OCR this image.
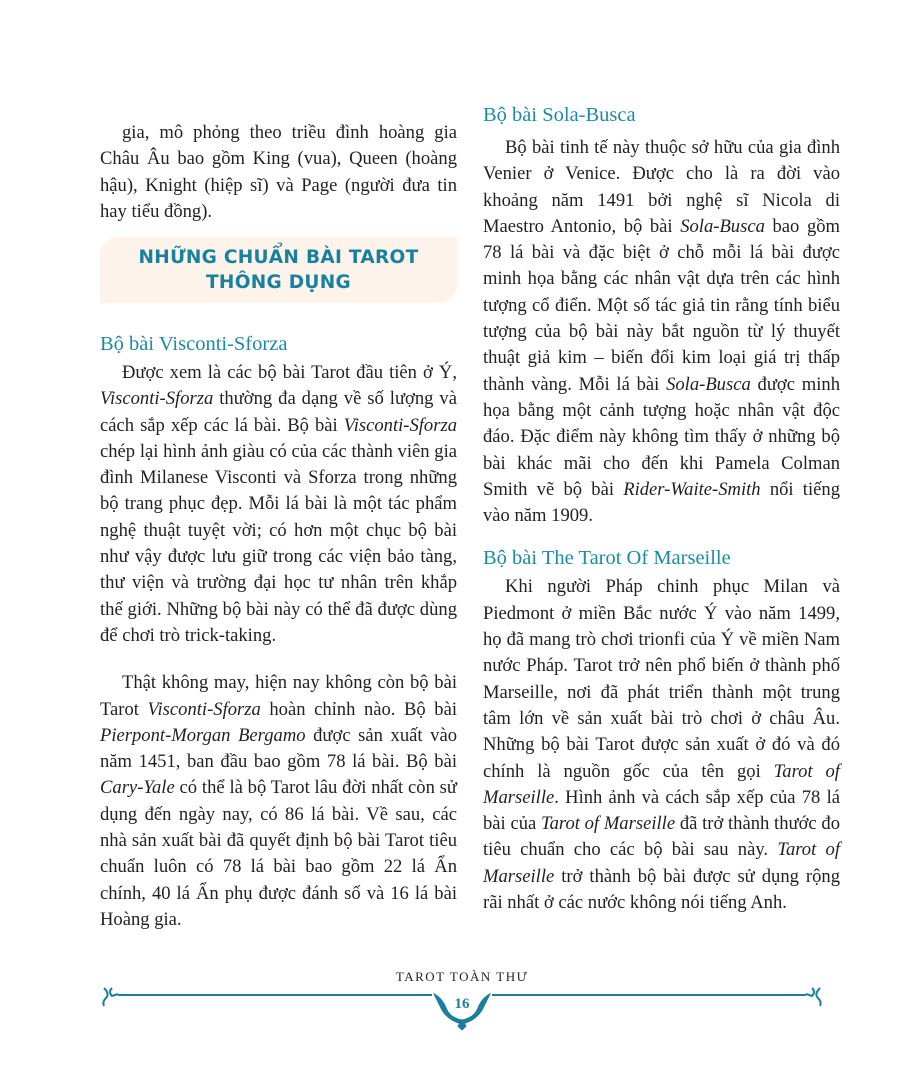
gia, mô phỏng theo triều đình hoàng gia Châu Âu bao gồm King (vua), Queen (hoàng hậu), Knight (hiệp sĩ) và Page (người đưa tin hay tiểu đồng).

NHỮNG CHUẨN BÀI TAROT THÔNG DỤNG
Bộ bài Visconti-Sforza

Được xem là các bộ bài Tarot đầu tiên ở Ý, Visconti-Sforza thường đa dạng về số lượng và cách sắp xếp các lá bài. Bộ bài Visconti-Sforza chép lại hình ảnh giàu có của các thành viên gia đình Milanese Visconti và Sforza trong những bộ trang phục đẹp. Mỗi lá bài là một tác phẩm nghệ thuật tuyệt vời; có hơn một chục bộ bài như vậy được lưu giữ trong các viện bảo tàng, thư viện và trường đại học tư nhân trên khắp thế giới. Những bộ bài này có thể đã được dùng để chơi trò trick-taking.

Thật không may, hiện nay không còn bộ bài Tarot Visconti-Sforza hoàn chỉnh nào. Bộ bài Pierpont-Morgan Bergamo được sản xuất vào năm 1451, ban đầu bao gồm 78 lá bài. Bộ bài Cary-Yale có thể là bộ Tarot lâu đời nhất còn sử dụng đến ngày nay, có 86 lá bài. Về sau, các nhà sản xuất bài đã quyết định bộ bài Tarot tiêu chuẩn luôn có 78 lá bài bao gồm 22 lá Ẩn chính, 40 lá Ẩn phụ được đánh số và 16 lá bài Hoàng gia.

Bộ bài Sola-Busca

Bộ bài tinh tế này thuộc sở hữu của gia đình Venier ở Venice. Được cho là ra đời vào khoảng năm 1491 bởi nghệ sĩ Nicola di Maestro Antonio, bộ bài Sola-Busca bao gồm 78 lá bài và đặc biệt ở chỗ mỗi lá bài được minh họa bằng các nhân vật dựa trên các hình tượng cổ điển. Một số tác giả tin rằng tính biểu tượng của bộ bài này bắt nguồn từ lý thuyết thuật giả kim – biến đổi kim loại giá trị thấp thành vàng. Mỗi lá bài Sola-Busca được minh họa bằng một cảnh tượng hoặc nhân vật độc đáo. Đặc điểm này không tìm thấy ở những bộ bài khác mãi cho đến khi Pamela Colman Smith vẽ bộ bài Rider-Waite-Smith nổi tiếng vào năm 1909.

Bộ bài The Tarot Of Marseille

Khi người Pháp chinh phục Milan và Piedmont ở miền Bắc nước Ý vào năm 1499, họ đã mang trò chơi trionfi của Ý về miền Nam nước Pháp. Tarot trở nên phổ biến ở thành phố Marseille, nơi đã phát triển thành một trung tâm lớn về sản xuất bài trò chơi ở châu Âu. Những bộ bài Tarot được sản xuất ở đó và đó chính là nguồn gốc của tên gọi Tarot of Marseille. Hình ảnh và cách sắp xếp của 78 lá bài của Tarot of Marseille đã trở thành thước đo tiêu chuẩn cho các bộ bài sau này. Tarot of Marseille trở thành bộ bài được sử dụng rộng rãi nhất ở các nước không nói tiếng Anh.

TAROT TOÀN THƯ
16
